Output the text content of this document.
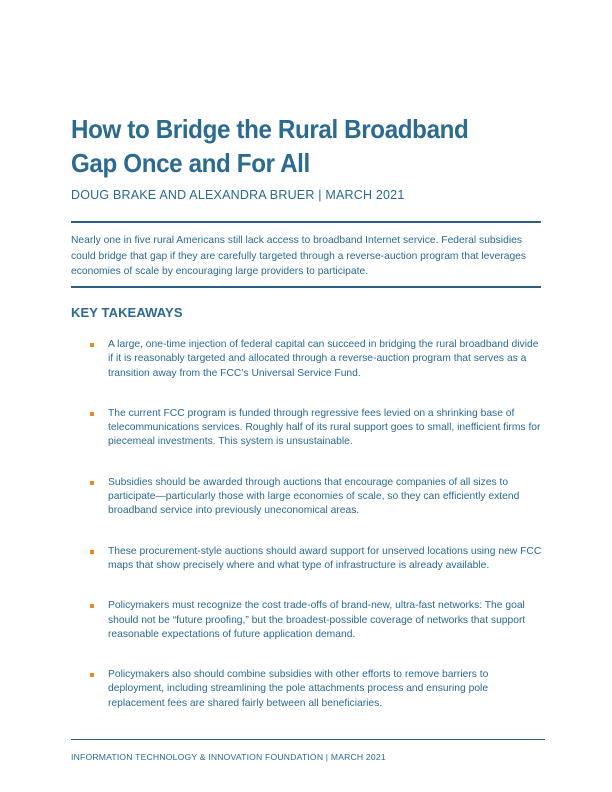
How to Bridge the Rural Broadband Gap Once and For All

DOUG BRAKE AND ALEXANDRA BRUER | MARCH 2021

Nearly one in five rural Americans still lack access to broadband Internet service. Federal subsidies could bridge that gap if they are carefully targeted through a reverse-auction program that leverages economies of scale by encouraging large providers to participate.

KEY TAKEAWAYS
A large, one-time injection of federal capital can succeed in bridging the rural broadband divide if it is reasonably targeted and allocated through a reverse-auction program that serves as a transition away from the FCC’s Universal Service Fund.
The current FCC program is funded through regressive fees levied on a shrinking base of telecommunications services. Roughly half of its rural support goes to small, inefficient firms for piecemeal investments. This system is unsustainable.
Subsidies should be awarded through auctions that encourage companies of all sizes to participate—particularly those with large economies of scale, so they can efficiently extend broadband service into previously uneconomical areas.
These procurement-style auctions should award support for unserved locations using new FCC maps that show precisely where and what type of infrastructure is already available.
Policymakers must recognize the cost trade-offs of brand-new, ultra-fast networks: The goal should not be “future proofing,” but the broadest-possible coverage of networks that support reasonable expectations of future application demand.
Policymakers also should combine subsidies with other efforts to remove barriers to deployment, including streamlining the pole attachments process and ensuring pole replacement fees are shared fairly between all beneficiaries.

INFORMATION TECHNOLOGY & INNOVATION FOUNDATION | MARCH 2021
